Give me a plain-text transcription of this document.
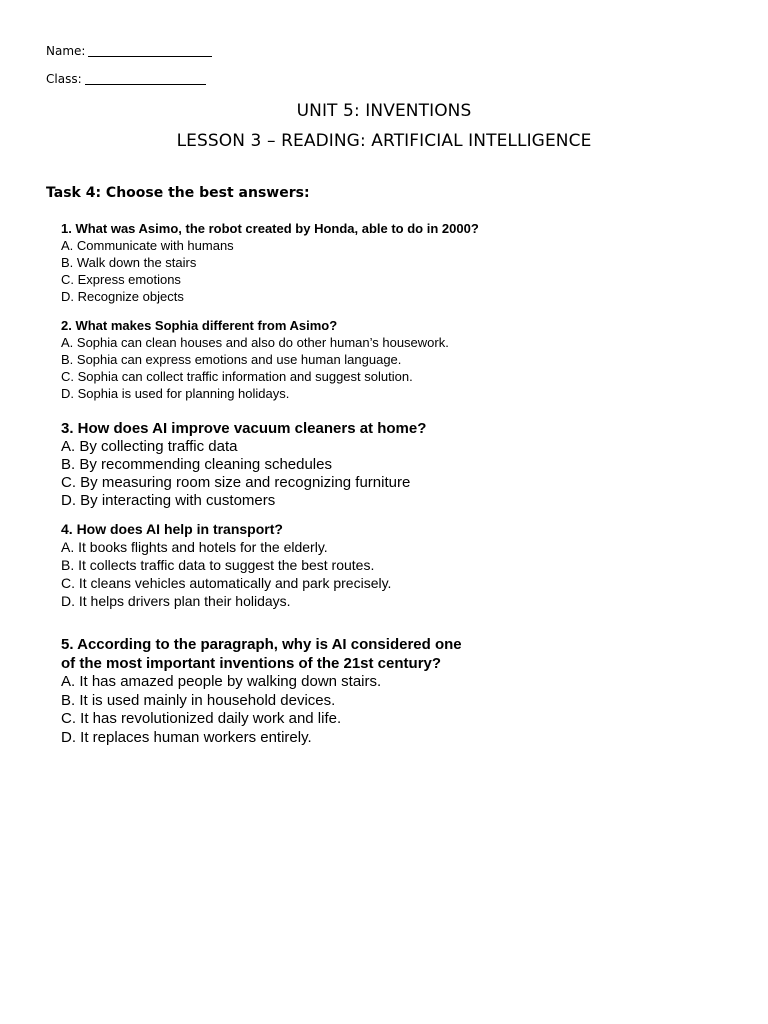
Name:
Class:
UNIT 5: INVENTIONS
LESSON 3 – READING: ARTIFICIAL INTELLIGENCE
Task 4: Choose the best answers:
1. What was Asimo, the robot created by Honda, able to do in 2000?
A. Communicate with humans
B. Walk down the stairs
C. Express emotions
D. Recognize objects
2. What makes Sophia different from Asimo?
A. Sophia can clean houses and also do other human’s housework.
B. Sophia can express emotions and use human language.
C. Sophia can collect traffic information and suggest solution.
D. Sophia is used for planning holidays.
3. How does AI improve vacuum cleaners at home?
A. By collecting traffic data
B. By recommending cleaning schedules
C. By measuring room size and recognizing furniture
D. By interacting with customers
4. How does AI help in transport?
A. It books flights and hotels for the elderly.
B. It collects traffic data to suggest the best routes.
C. It cleans vehicles automatically and park precisely.
D. It helps drivers plan their holidays.
5. According to the paragraph, why is AI considered one
of the most important inventions of the 21st century?
A. It has amazed people by walking down stairs.
B. It is used mainly in household devices.
C. It has revolutionized daily work and life.
D. It replaces human workers entirely.
